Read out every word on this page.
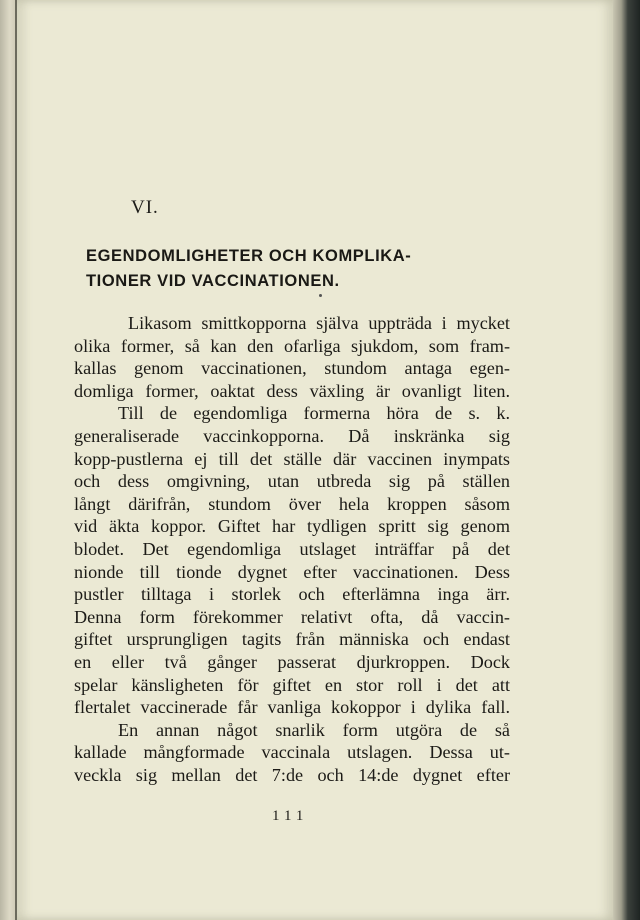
VI.
EGENDOMLIGHETER OCH KOMPLIKA-
TIONER VID VACCINATIONEN.
Likasom smittkopporna själva uppträda i mycket
olika former, så kan den ofarliga sjukdom, som fram-
kallas genom vaccinationen, stundom antaga egen-
domliga former, oaktat dess växling är ovanligt liten.
Till de egendomliga formerna höra de s. k.
generaliserade vaccinkopporna. Då inskränka sig
kopp-pustlerna ej till det ställe där vaccinen inympats
och dess omgivning, utan utbreda sig på ställen
långt därifrån, stundom över hela kroppen såsom
vid äkta koppor. Giftet har tydligen spritt sig genom
blodet. Det egendomliga utslaget inträffar på det
nionde till tionde dygnet efter vaccinationen. Dess
pustler tilltaga i storlek och efterlämna inga ärr.
Denna form förekommer relativt ofta, då vaccin-
giftet ursprungligen tagits från människa och endast
en eller två gånger passerat djurkroppen. Dock
spelar känsligheten för giftet en stor roll i det att
flertalet vaccinerade får vanliga kokoppor i dylika fall.
En annan något snarlik form utgöra de så
kallade mångformade vaccinala utslagen. Dessa ut-
veckla sig mellan det 7:de och 14:de dygnet efter
111
